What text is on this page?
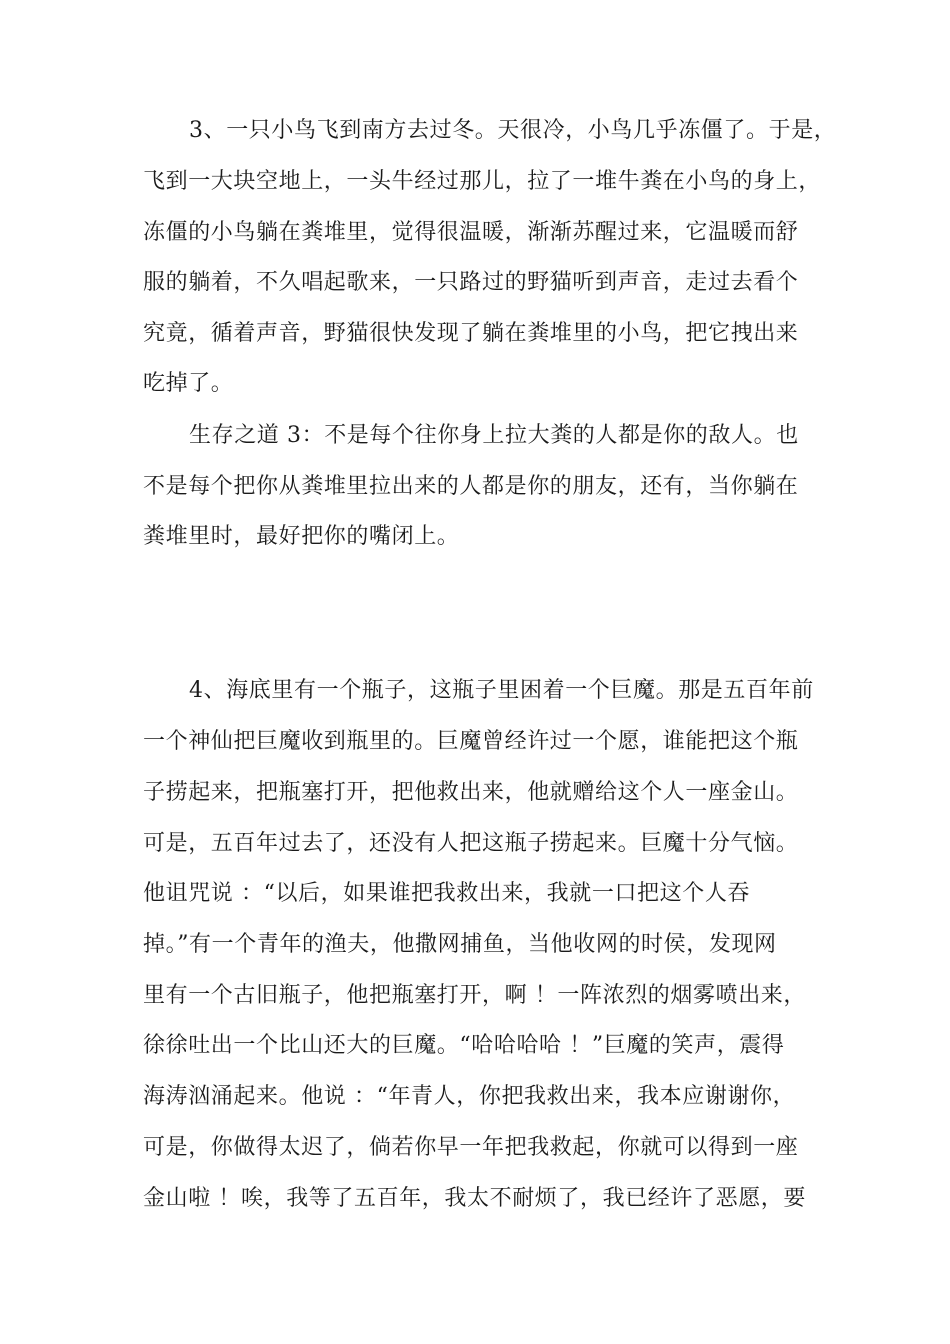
3、一只小鸟飞到南方去过冬。天很冷，小鸟几乎冻僵了。于是，
飞到一大块空地上，一头牛经过那儿，拉了一堆牛粪在小鸟的身上，
冻僵的小鸟躺在粪堆里，觉得很温暖，渐渐苏醒过来，它温暖而舒
服的躺着，不久唱起歌来，一只路过的野猫听到声音，走过去看个
究竟，循着声音，野猫很快发现了躺在粪堆里的小鸟，把它拽出来
吃掉了。
生存之道 3：不是每个往你身上拉大粪的人都是你的敌人。也
不是每个把你从粪堆里拉出来的人都是你的朋友，还有，当你躺在
粪堆里时，最好把你的嘴闭上。
4、海底里有一个瓶子，这瓶子里困着一个巨魔。那是五百年前
一个神仙把巨魔收到瓶里的。巨魔曾经许过一个愿，谁能把这个瓶
子捞起来，把瓶塞打开，把他救出来，他就赠给这个人一座金山。
可是，五百年过去了，还没有人把这瓶子捞起来。巨魔十分气恼。
他诅咒说 ：“以后，如果谁把我救出来，我就一口把这个人吞
掉。”有一个青年的渔夫，他撒网捕鱼，当他收网的时侯，发现网
里有一个古旧瓶子，他把瓶塞打开，啊 ！一阵浓烈的烟雾喷出来，
徐徐吐出一个比山还大的巨魔。“哈哈哈哈 ！”巨魔的笑声，震得
海涛汹涌起来。他说 ：“年青人，你把我救出来，我本应谢谢你，
可是，你做得太迟了，倘若你早一年把我救起，你就可以得到一座
金山啦 ！唉，我等了五百年，我太不耐烦了，我已经许了恶愿，要
